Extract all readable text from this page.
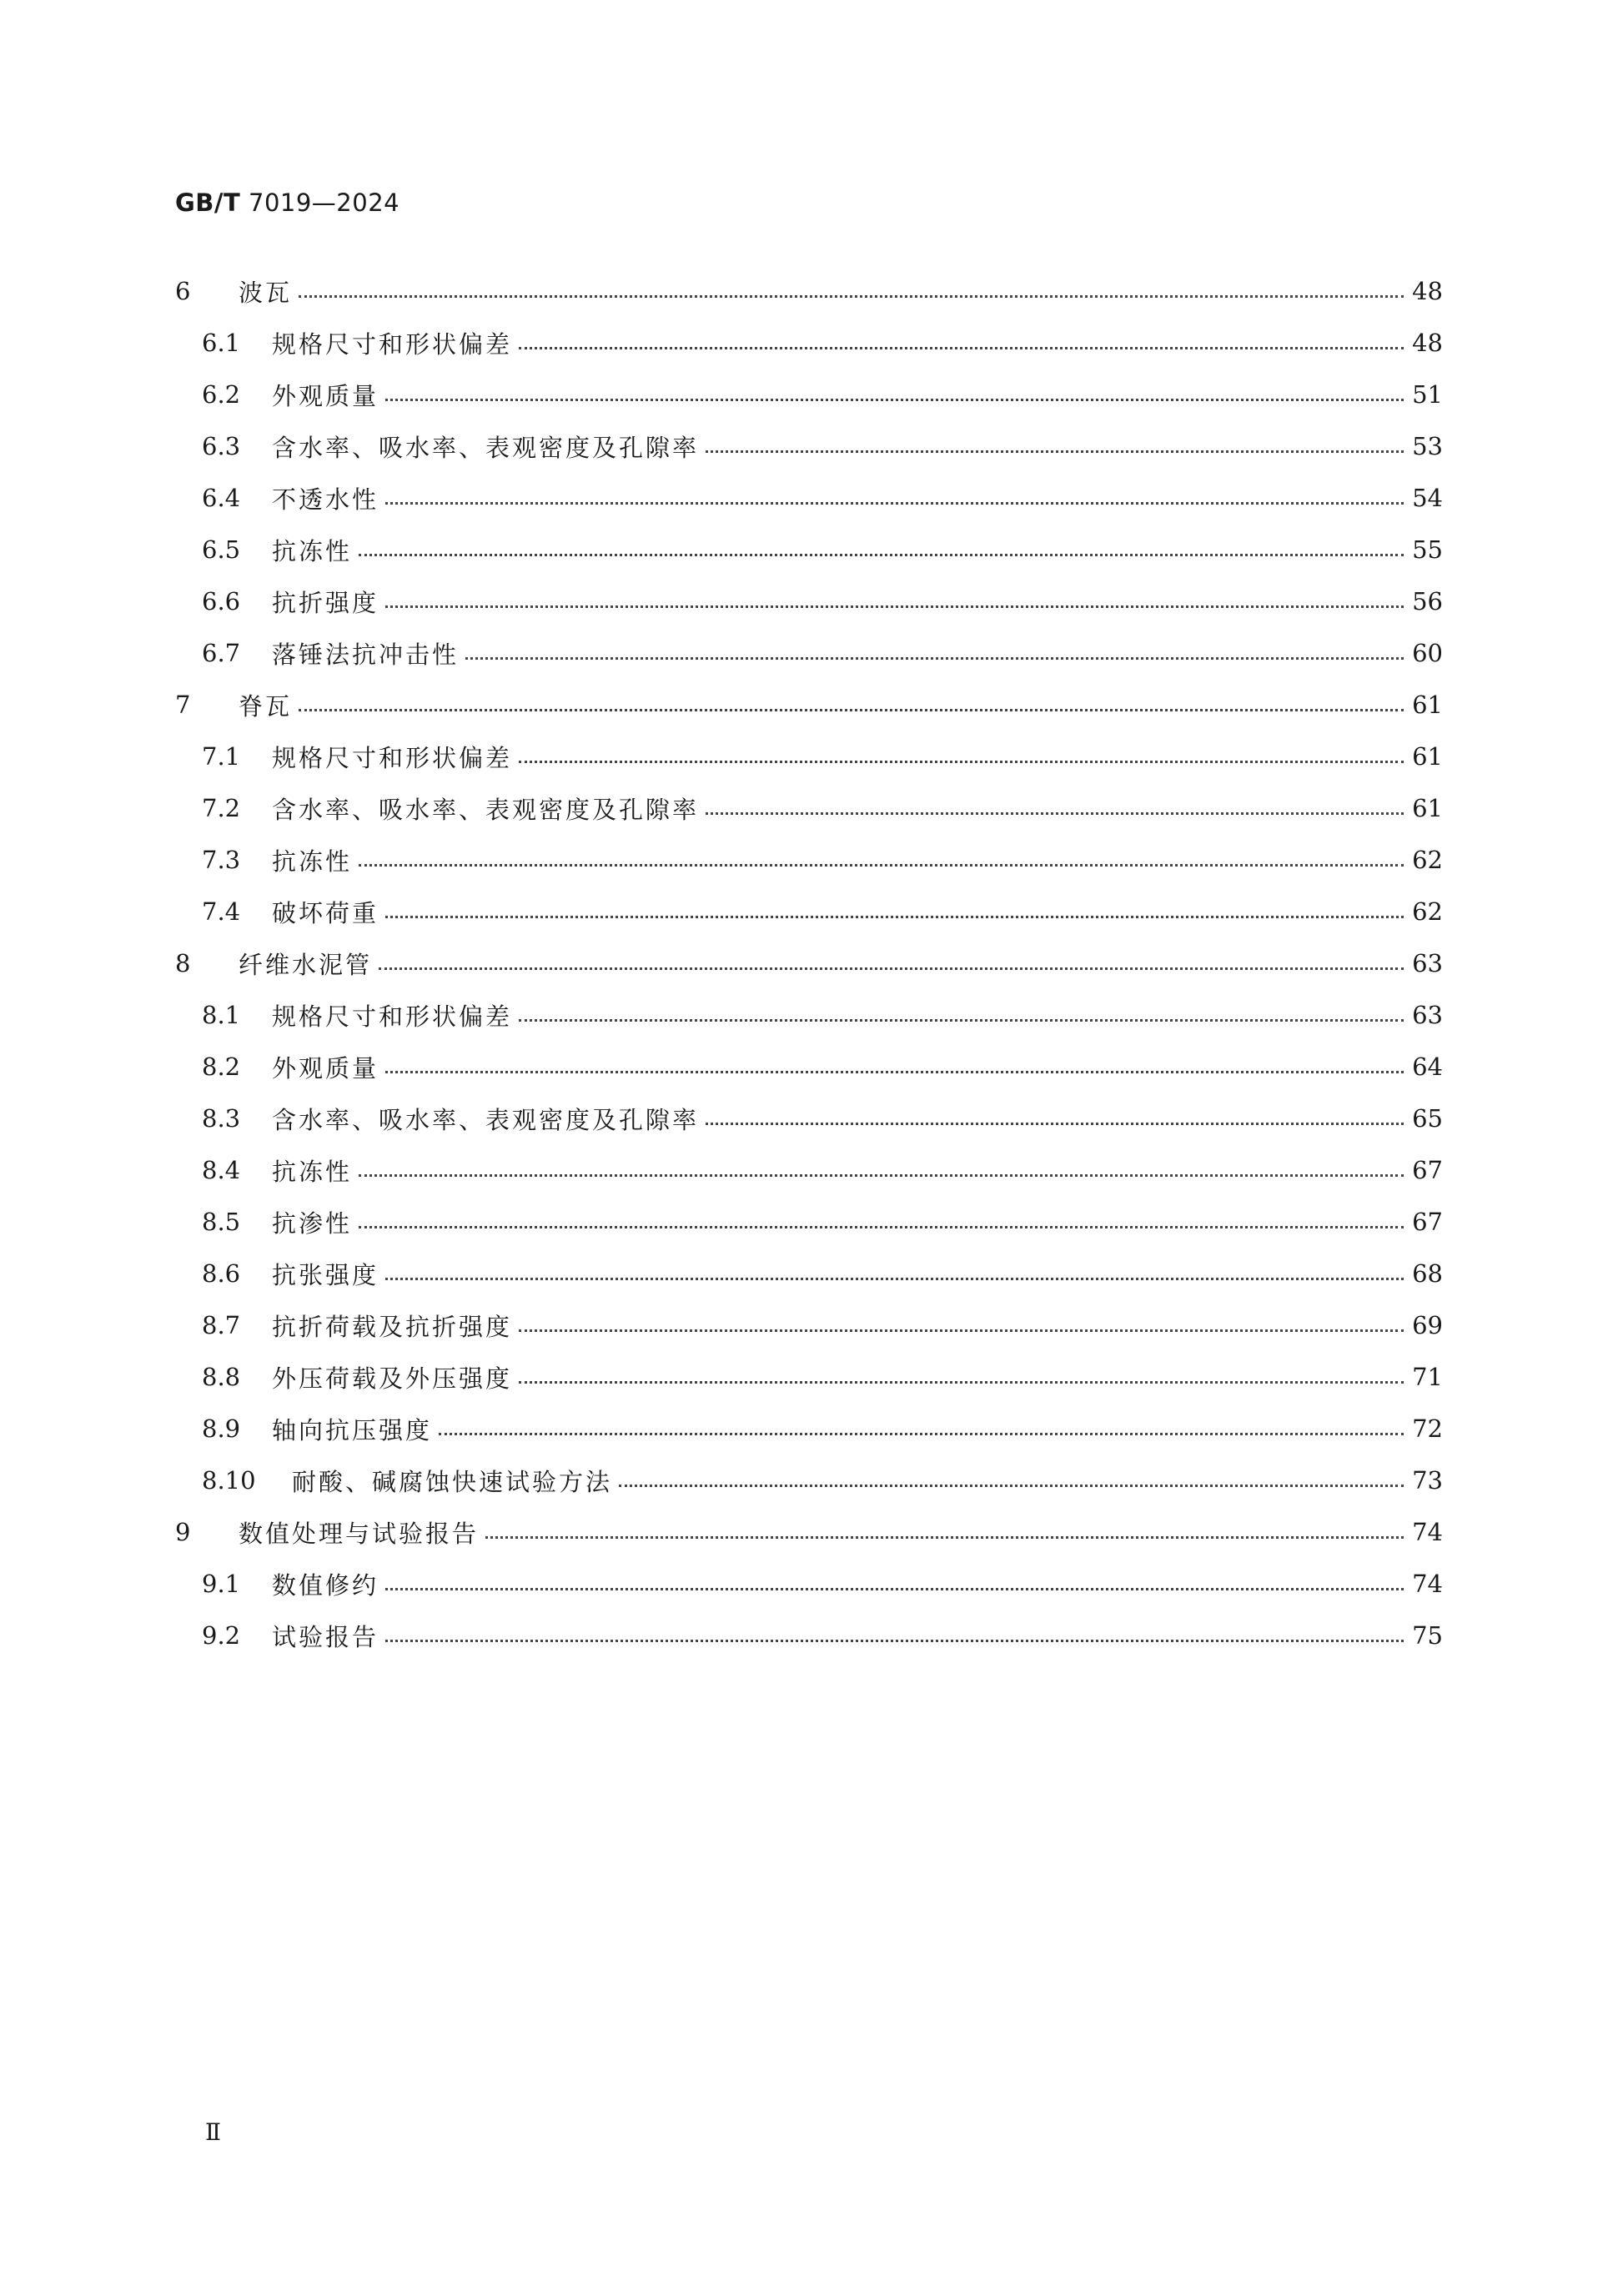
GB/T 7019—2024
6	波瓦	48
6.1	规格尺寸和形状偏差	48
6.2	外观质量	51
6.3	含水率、吸水率、表观密度及孔隙率	53
6.4	不透水性	54
6.5	抗冻性	55
6.6	抗折强度	56
6.7	落锤法抗冲击性	60
7	脊瓦	61
7.1	规格尺寸和形状偏差	61
7.2	含水率、吸水率、表观密度及孔隙率	61
7.3	抗冻性	62
7.4	破坏荷重	62
8	纤维水泥管	63
8.1	规格尺寸和形状偏差	63
8.2	外观质量	64
8.3	含水率、吸水率、表观密度及孔隙率	65
8.4	抗冻性	67
8.5	抗渗性	67
8.6	抗张强度	68
8.7	抗折荷载及抗折强度	69
8.8	外压荷载及外压强度	71
8.9	轴向抗压强度	72
8.10	耐酸、碱腐蚀快速试验方法	73
9	数值处理与试验报告	74
9.1	数值修约	74
9.2	试验报告	75
Ⅱ
